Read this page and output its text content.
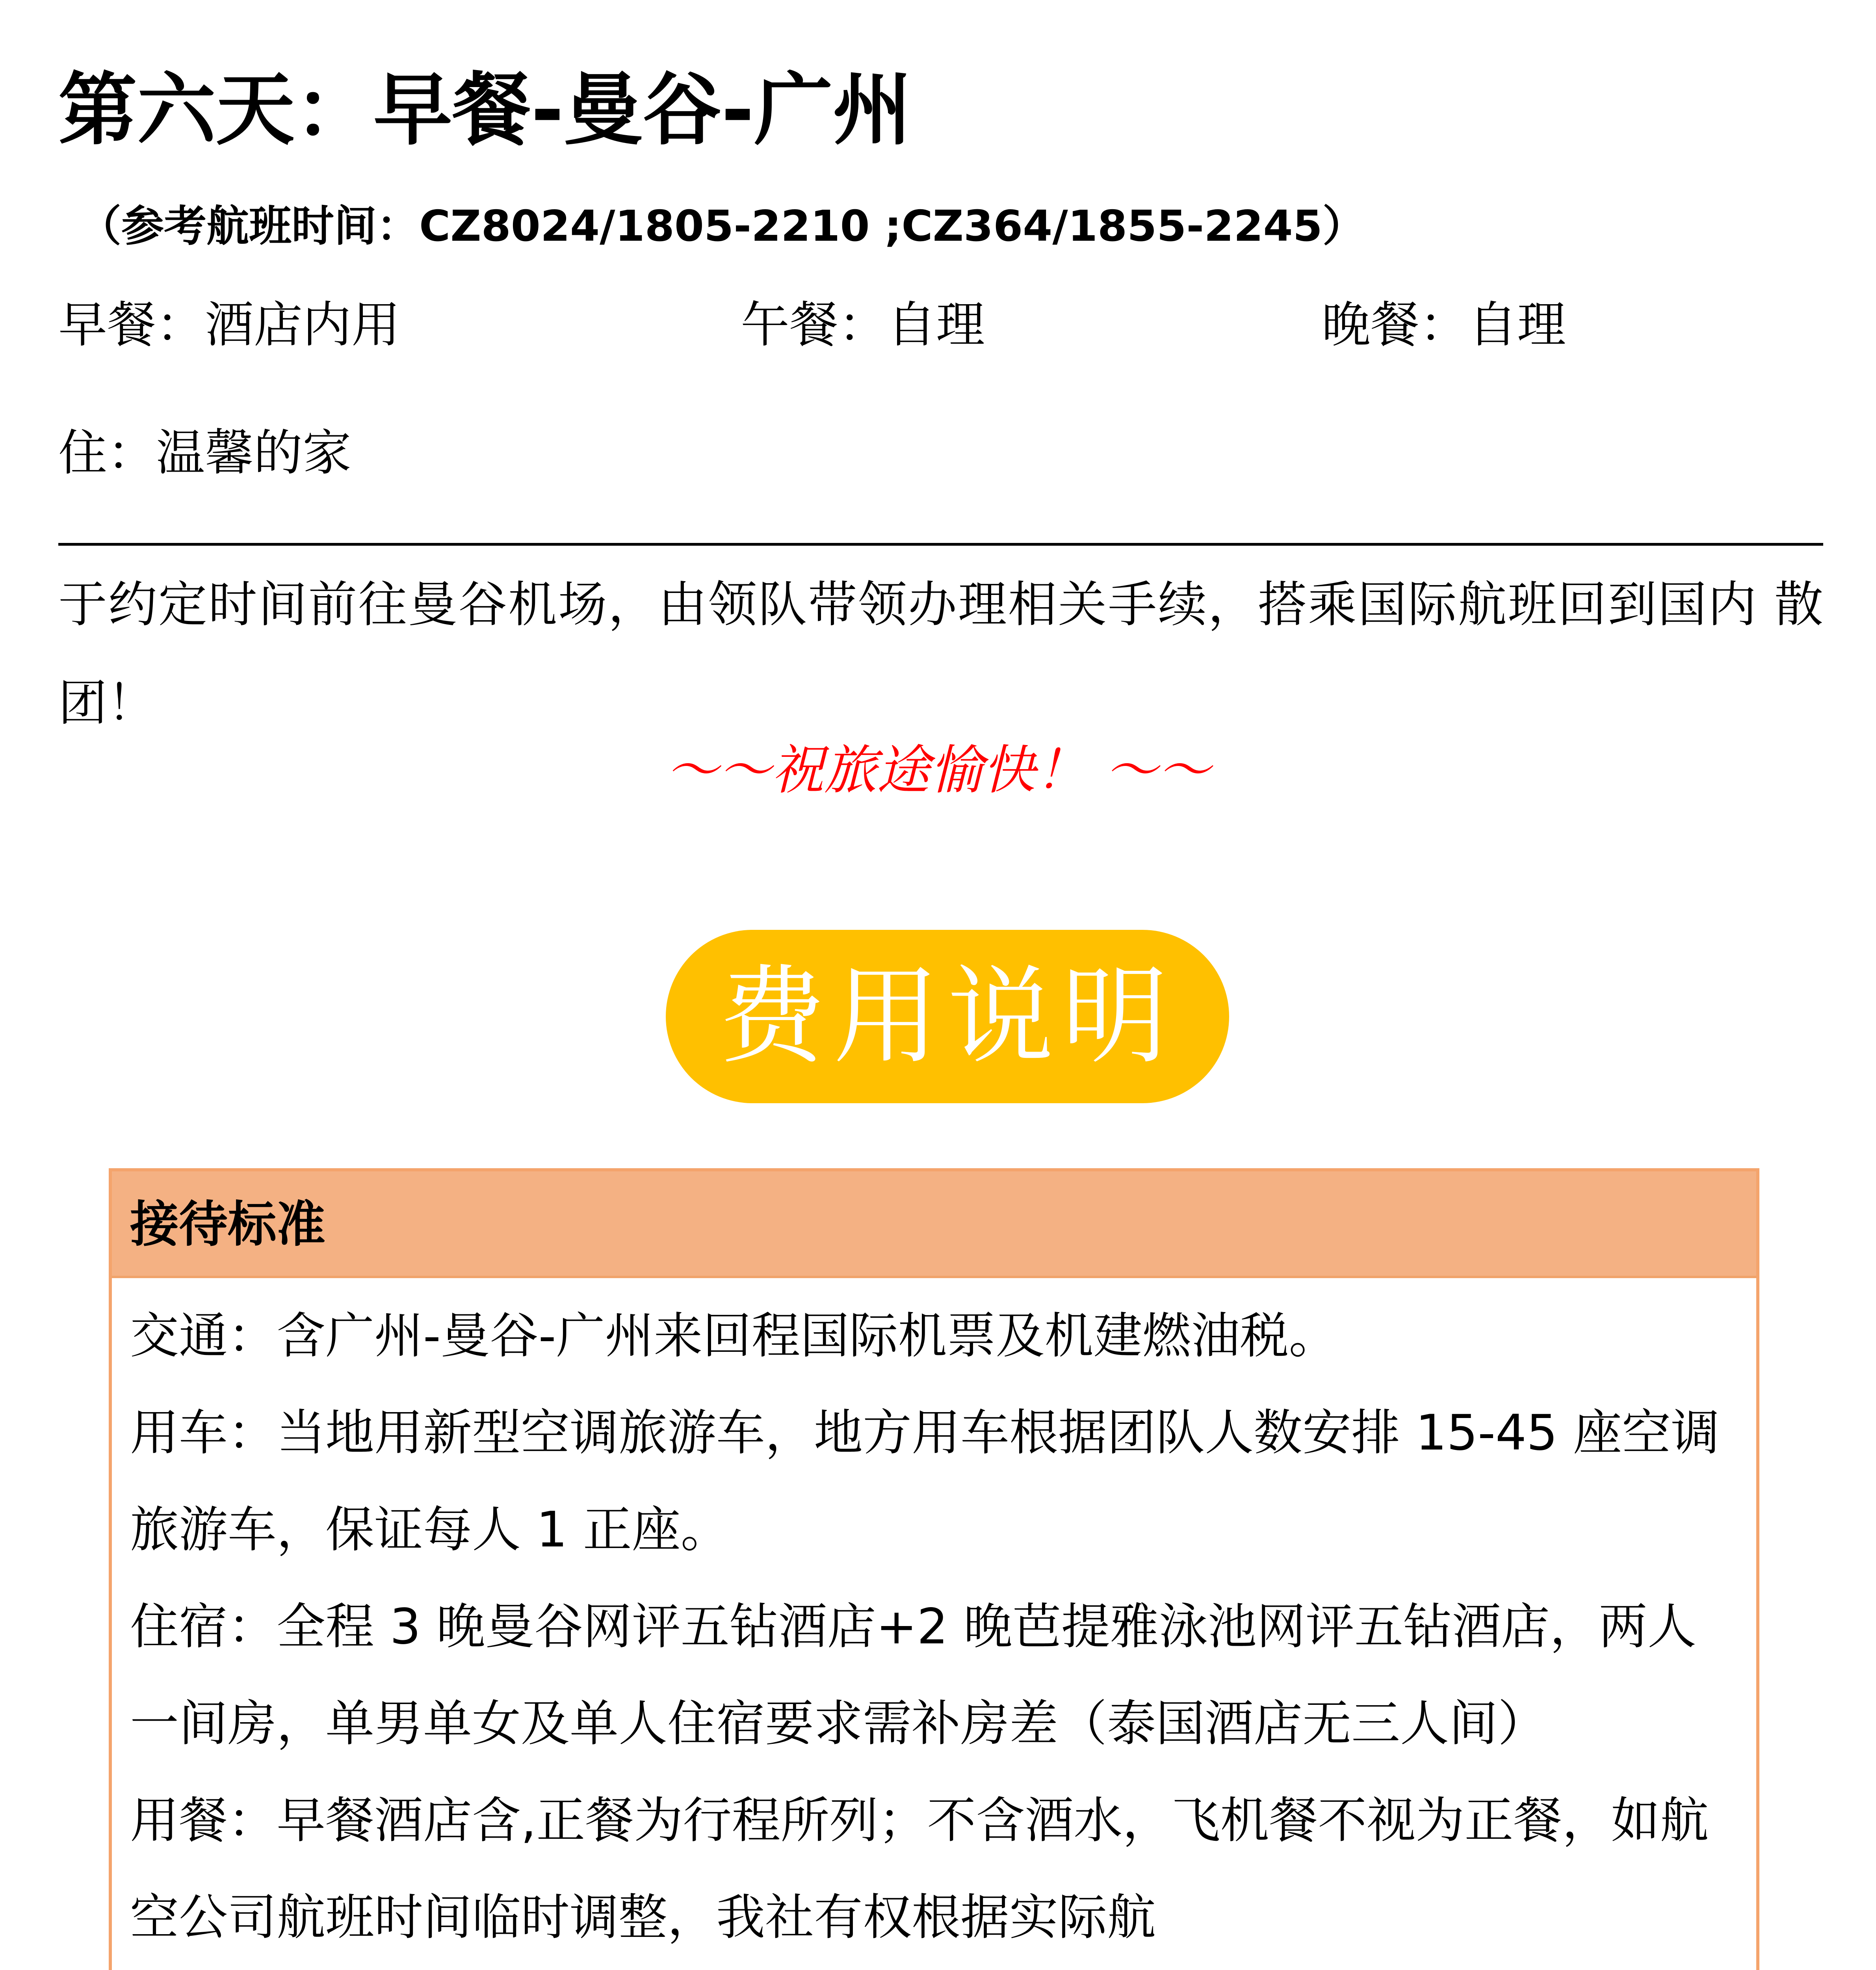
第六天：早餐-曼谷-广州
（参考航班时间：CZ8024/1805-2210 ;CZ364/1855-2245）
早餐：酒店内用	午餐：自理	晚餐：自理
住：温馨的家
于约定时间前往曼谷机场，由领队带领办理相关手续，搭乘国际航班回到国内 散团！
～～祝旅途愉快！ ～～
费用说明
接待标准
交通：含广州-曼谷-广州来回程国际机票及机建燃油税。
用车：当地用新型空调旅游车，地方用车根据团队人数安排 15-45 座空调
旅游车，保证每人 1 正座。
住宿：全程 3 晚曼谷网评五钻酒店+2 晚芭提雅泳池网评五钻酒店，两人
一间房，单男单女及单人住宿要求需补房差（泰国酒店无三人间）
用餐：早餐酒店含,正餐为行程所列；不含酒水，飞机餐不视为正餐，如航
空公司航班时间临时调整，我社有权根据实际航
